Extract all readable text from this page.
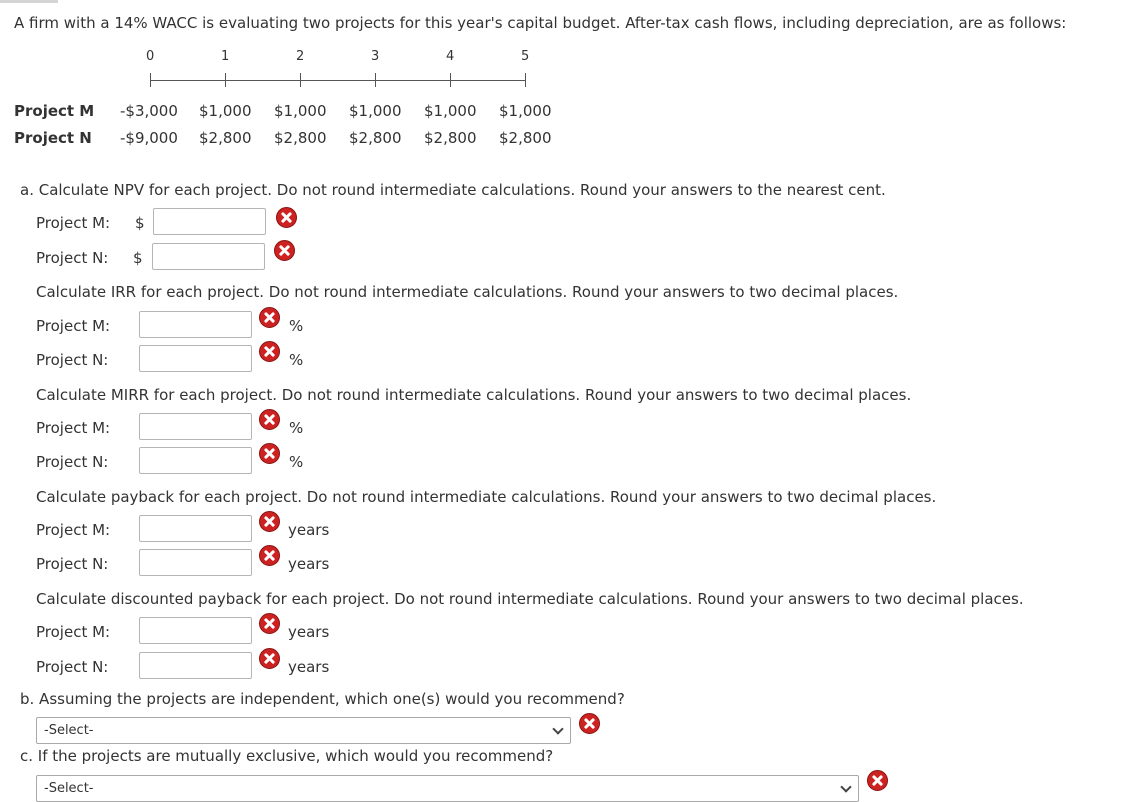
A firm with a 14% WACC is evaluating two projects for this year's capital budget. After-tax cash flows, including depreciation, are as follows:
0	1	2	3	4	5
Project M -$3,000 $1,000 $1,000 $1,000 $1,000 $1,000
Project N -$9,000 $2,800 $2,800 $2,800 $2,800 $2,800
a. Calculate NPV for each project. Do not round intermediate calculations. Round your answers to the nearest cent.
Project M: $
Project N: $
Calculate IRR for each project. Do not round intermediate calculations. Round your answers to two decimal places.
Project M:	%
Project N:	%
Calculate MIRR for each project. Do not round intermediate calculations. Round your answers to two decimal places.
Project M:	%
Project N:	%
Calculate payback for each project. Do not round intermediate calculations. Round your answers to two decimal places.
Project M:	years
Project N:	years
Calculate discounted payback for each project. Do not round intermediate calculations. Round your answers to two decimal places.
Project M:	years
Project N:	years
b. Assuming the projects are independent, which one(s) would you recommend?
-Select-
c. If the projects are mutually exclusive, which would you recommend?
-Select-
